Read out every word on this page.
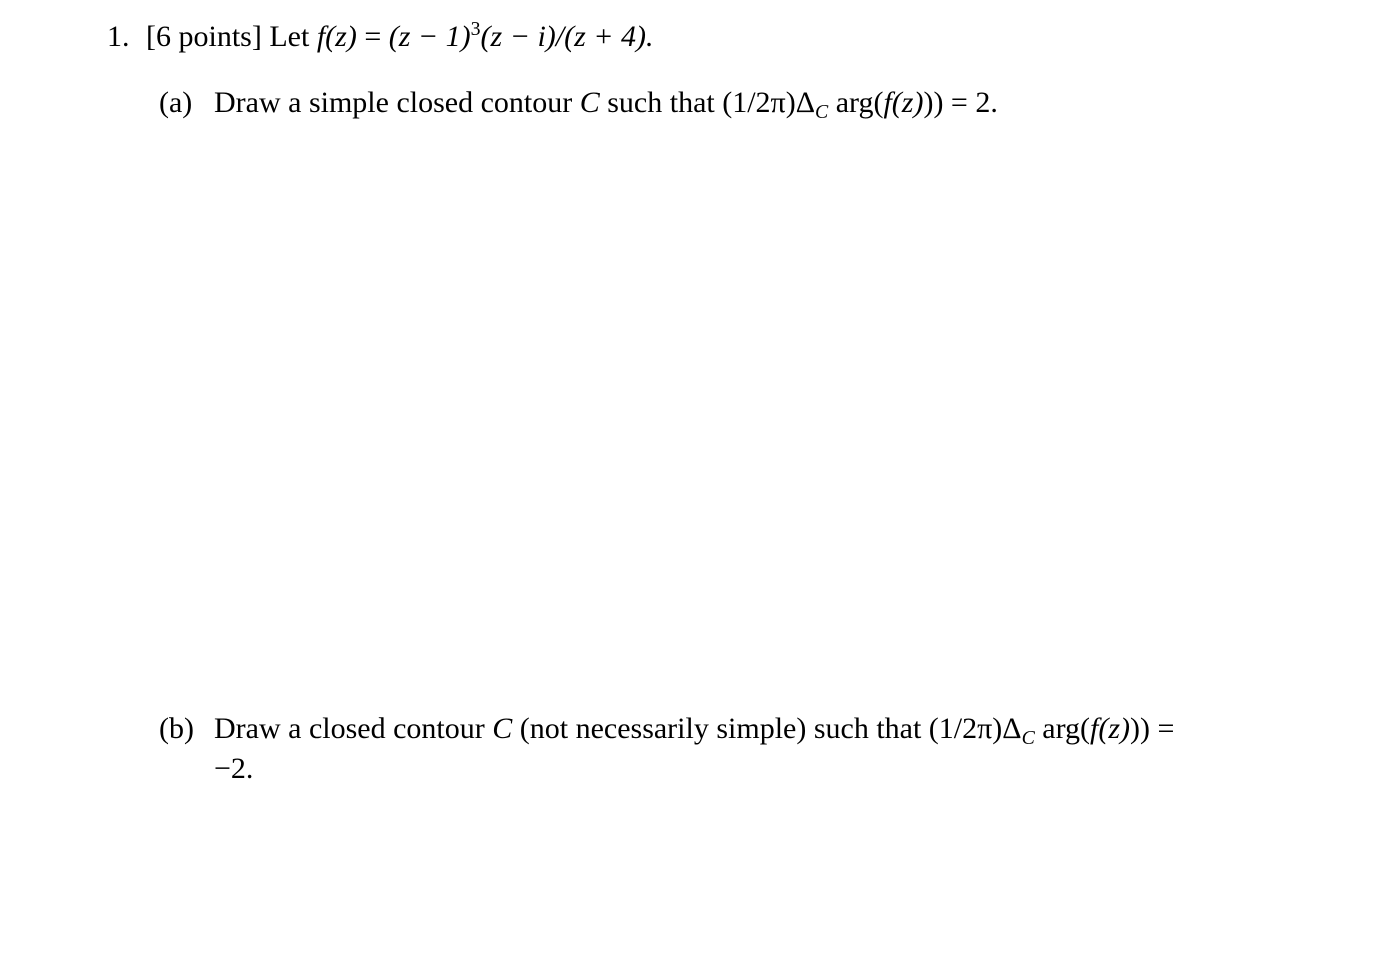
1. [6 points] Let $f(z) = (z - 1)^3(z - i)/(z + 4)$.
(a) Draw a simple closed contour C such that $(1/2\pi)\Delta_C$ arg(f(z))) = 2.
(b) Draw a closed contour C (not necessarily simple) such that $(1/2\pi)\Delta_C$ arg(f(z))) =
−2.
